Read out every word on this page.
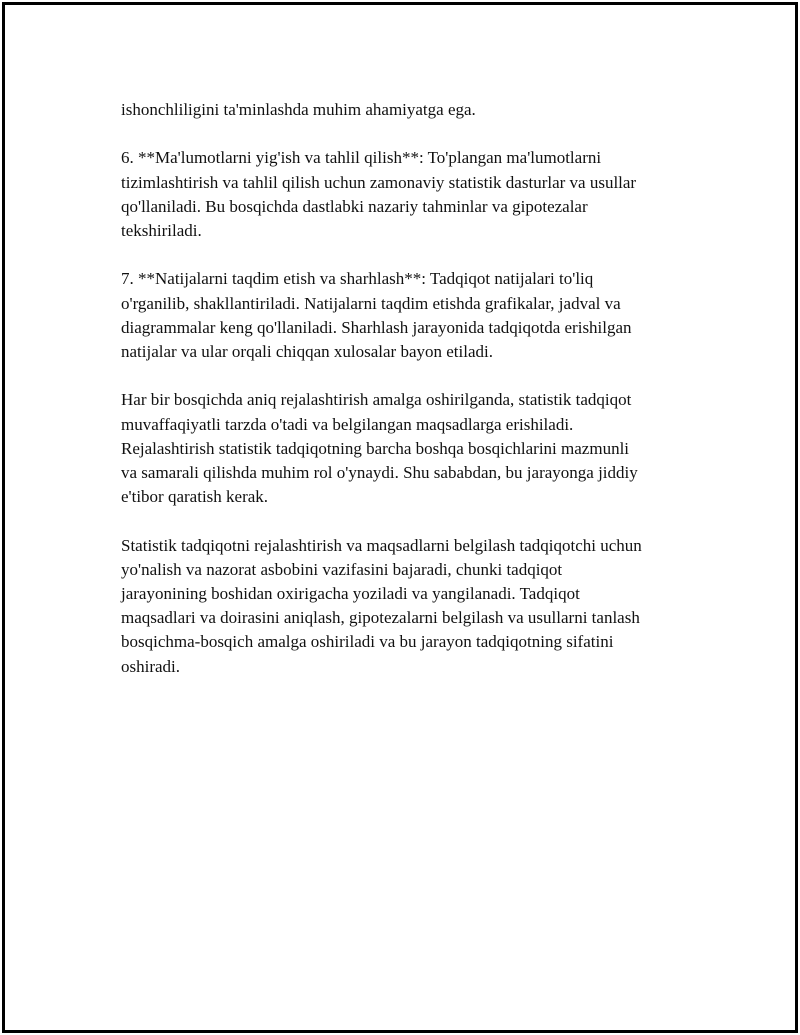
ishonchliligini ta'minlashda muhim ahamiyatga ega.

6. **Ma'lumotlarni yig'ish va tahlil qilish**: To'plangan ma'lumotlarni
tizimlashtirish va tahlil qilish uchun zamonaviy statistik dasturlar va usullar
qo'llaniladi. Bu bosqichda dastlabki nazariy tahminlar va gipotezalar
tekshiriladi.

7. **Natijalarni taqdim etish va sharhlash**: Tadqiqot natijalari to'liq
o'rganilib, shakllantiriladi. Natijalarni taqdim etishda grafikalar, jadval va
diagrammalar keng qo'llaniladi. Sharhlash jarayonida tadqiqotda erishilgan
natijalar va ular orqali chiqqan xulosalar bayon etiladi.

Har bir bosqichda aniq rejalashtirish amalga oshirilganda, statistik tadqiqot
muvaffaqiyatli tarzda o'tadi va belgilangan maqsadlarga erishiladi.
Rejalashtirish statistik tadqiqotning barcha boshqa bosqichlarini mazmunli
va samarali qilishda muhim rol o'ynaydi. Shu sababdan, bu jarayonga jiddiy
e'tibor qaratish kerak.

Statistik tadqiqotni rejalashtirish va maqsadlarni belgilash tadqiqotchi uchun
yo'nalish va nazorat asbobini vazifasini bajaradi, chunki tadqiqot
jarayonining boshidan oxirigacha yoziladi va yangilanadi. Tadqiqot
maqsadlari va doirasini aniqlash, gipotezalarni belgilash va usullarni tanlash
bosqichma-bosqich amalga oshiriladi va bu jarayon tadqiqotning sifatini
oshiradi.
